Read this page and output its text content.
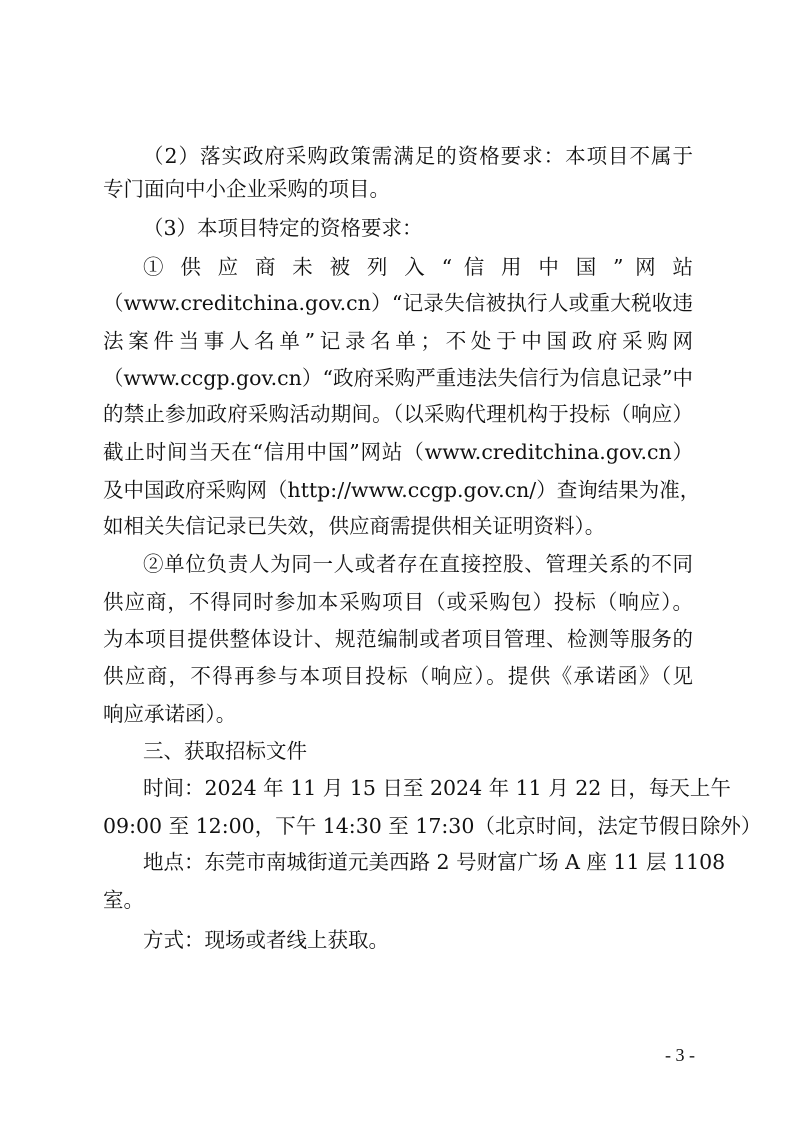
（2）落实政府采购政策需满足的资格要求：本项目不属于
专门面向中小企业采购的项目。
（3）本项目特定的资格要求：
① 供 应 商 未 被 列 入 “ 信 用 中 国 ” 网 站
（www.creditchina.gov.cn）“记录失信被执行人或重大税收违
法案件当事人名单”记录名单；不处于中国政府采购网
（www.ccgp.gov.cn）“政府采购严重违法失信行为信息记录”中
的禁止参加政府采购活动期间。（以采购代理机构于投标（响应）
截止时间当天在“信用中国”网站（www.creditchina.gov.cn）
及中国政府采购网（http://www.ccgp.gov.cn/）查询结果为准，
如相关失信记录已失效，供应商需提供相关证明资料）。
②单位负责人为同一人或者存在直接控股、管理关系的不同
供应商，不得同时参加本采购项目（或采购包）投标（响应）。
为本项目提供整体设计、规范编制或者项目管理、检测等服务的
供应商，不得再参与本项目投标（响应）。提供《承诺函》（见
响应承诺函）。
三、获取招标文件
时间：2024 年 11 月 15 日至 2024 年 11 月 22 日，每天上午
09:00 至 12:00，下午 14:30 至 17:30（北京时间，法定节假日除外）
地点：东莞市南城街道元美西路 2 号财富广场 A 座 11 层 1108
室。
方式：现场或者线上获取。
- 3 -
